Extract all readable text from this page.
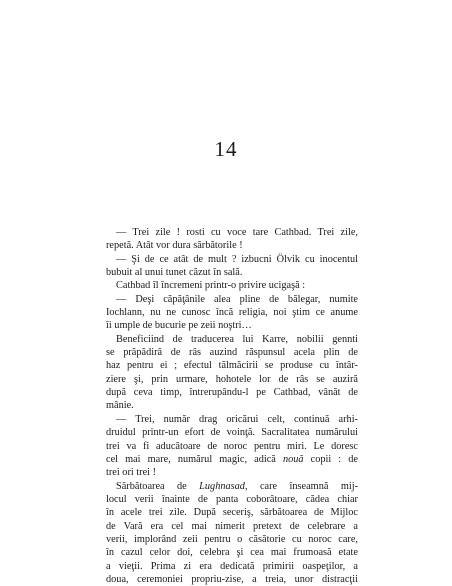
14
— Trei zile ! rosti cu voce tare Cathbad. Trei zile,
repetă. Atât vor dura sărbătorile !
— Şi de ce atât de mult ? izbucni Ölvik cu inocentul
bubuit al unui tunet căzut în sală.
Cathbad îl încremeni printr-o privire ucigaşă :
— Deşi căpăţânile alea pline de bălegar, numite
Iochlann, nu ne cunosc încă religia, noi ştim ce anume
îi umple de bucurie pe zeii noştri…
Beneficiind de traducerea lui Karre, nobilii gennti
se prăpădiră de râs auzind răspunsul acela plin de
haz pentru ei ; efectul tălmăcirii se produse cu întâr-
ziere şi, prin urmare, hohotele lor de râs se auziră
după ceva timp, întrerupându-l pe Cathbad, vânăt de
mânie.
— Trei, număr drag oricărui celt, continuă arhi-
druidul printr-un efort de voinţă. Sacralitatea numărului
trei va fi aducătoare de noroc pentru miri. Le doresc
cel mai mare, numărul magic, adică nouă copii : de
trei ori trei !
Sărbătoarea de Lughnasad, care înseamnă mij-
locul verii înainte de panta coborâtoare, cădea chiar
în acele trei zile. După seceriş, sărbătoarea de Mijloc
de Vară era cel mai nimerit pretext de celebrare a
verii, implorând zeii pentru o căsătorie cu noroc care,
în cazul celor doi, celebra şi cea mai frumoasă etate
a vieţii. Prima zi era dedicată primirii oaspeţilor, a
doua, ceremoniei propriu-zise, a treia, unor distracţii
